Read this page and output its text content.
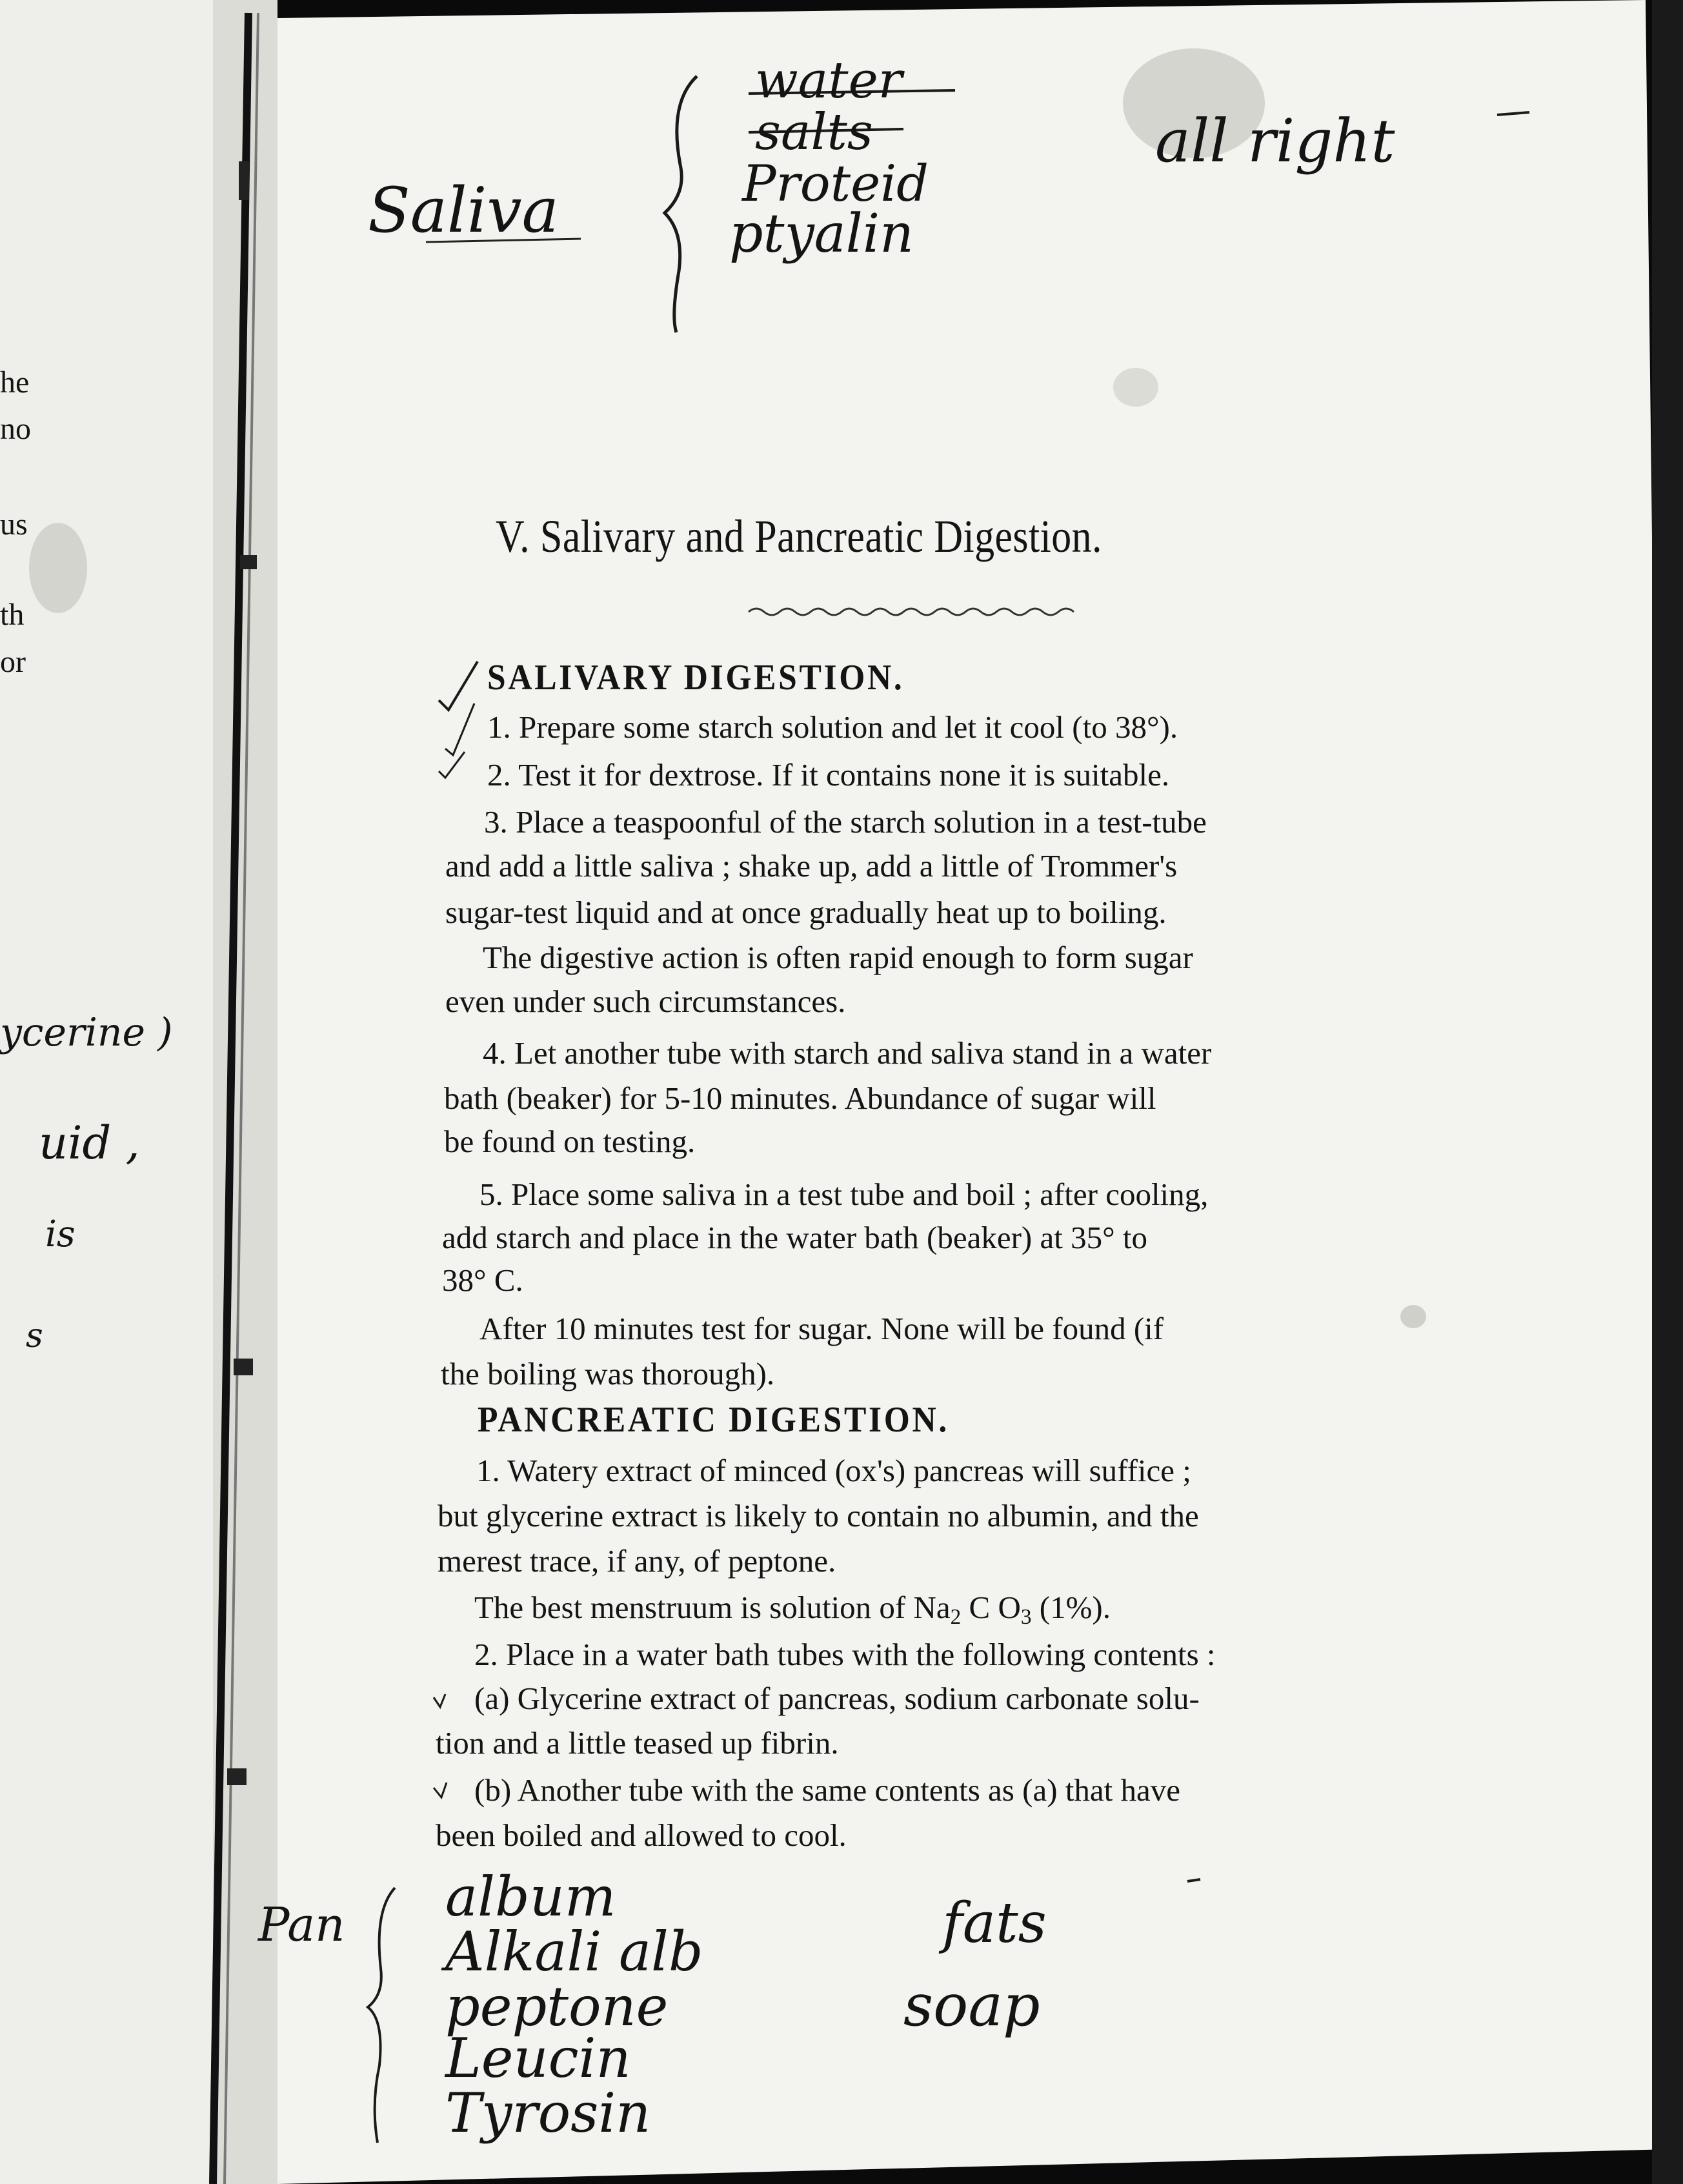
he
no
us
th
or
ycerine )
uid ,
is
s
Saliva
water
salts
Proteid
ptyalin
all right
V. Salivary and Pancreatic Digestion.
SALIVARY DIGESTION.
1. Prepare some starch solution and let it cool (to 38°).
2. Test it for dextrose. If it contains none it is suitable.
3. Place a teaspoonful of the starch solution in a test-tube
and add a little saliva ; shake up, add a little of Trommer's
sugar-test liquid and at once gradually heat up to boiling.
The digestive action is often rapid enough to form sugar
even under such circumstances.
4. Let another tube with starch and saliva stand in a water
bath (beaker) for 5-10 minutes. Abundance of sugar will
be found on testing.
5. Place some saliva in a test tube and boil ; after cooling,
add starch and place in the water bath (beaker) at 35° to
38° C.
After 10 minutes test for sugar. None will be found (if
the boiling was thorough).
PANCREATIC DIGESTION.
1. Watery extract of minced (ox's) pancreas will suffice ;
but glycerine extract is likely to contain no albumin, and the
merest trace, if any, of peptone.
The best menstruum is solution of Na2 C O3 (1%).
2. Place in a water bath tubes with the following contents :
(a) Glycerine extract of pancreas, sodium carbonate solu-
tion and a little teased up fibrin.
(b) Another tube with the same contents as (a) that have
been boiled and allowed to cool.
Pan album
Alkali alb
peptone
Leucin
Tyrosin
fats
soap
